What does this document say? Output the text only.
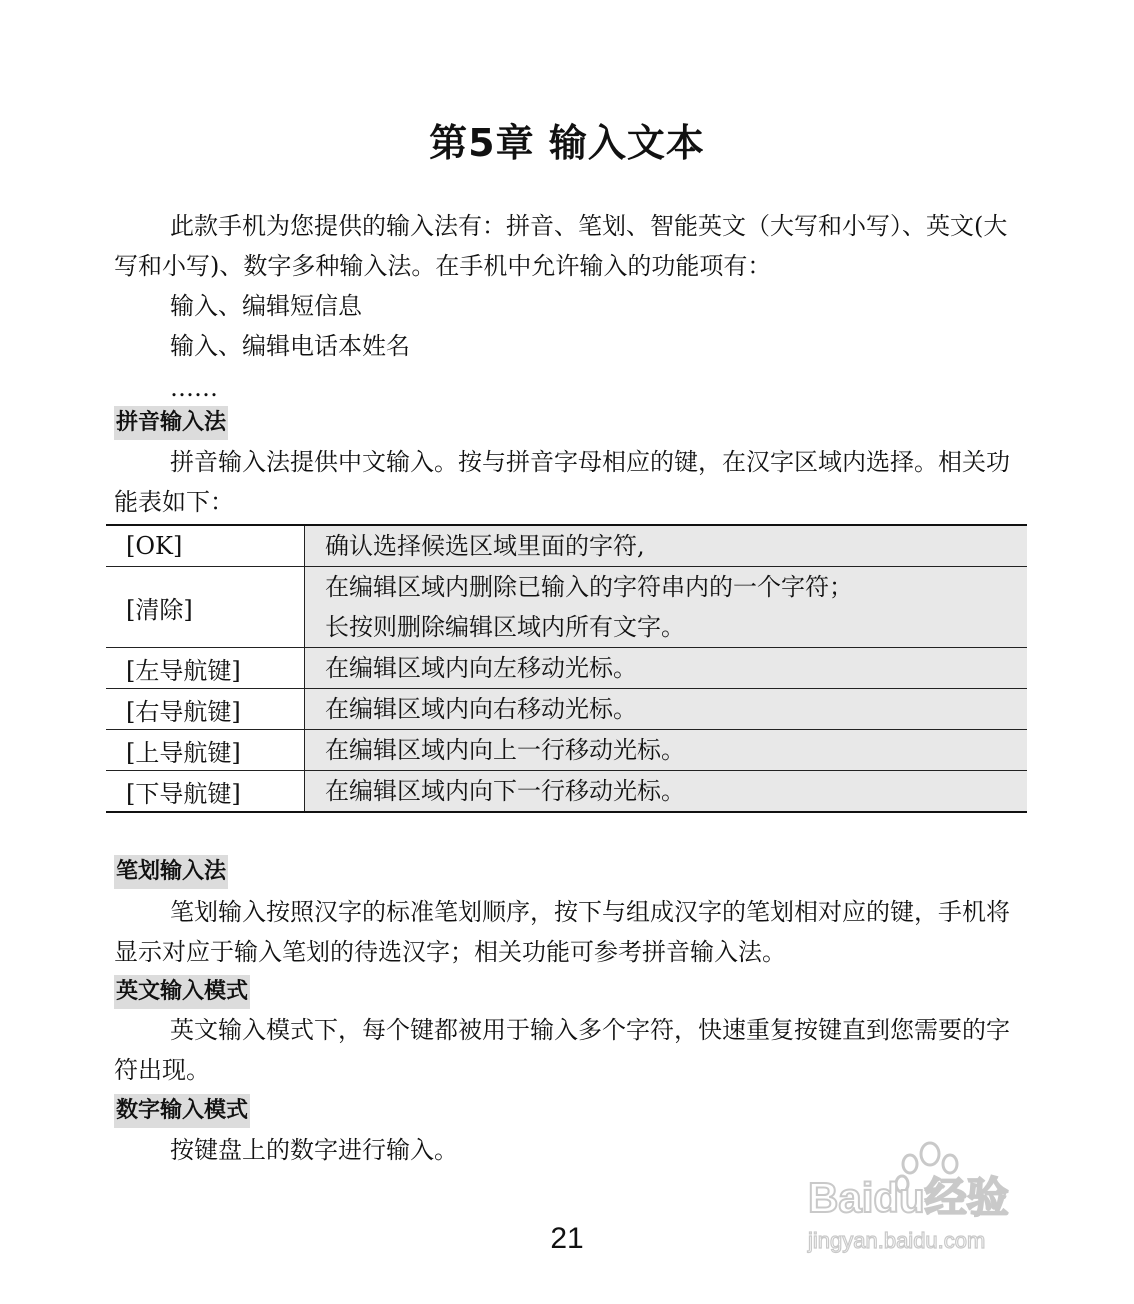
第5章 输入文本

此款手机为您提供的输入法有：拼音、笔划、智能英文（大写和小写）、英文(大写和小写)、数字多种输入法。在手机中允许输入的功能项有：

输入、编辑短信息
输入、编辑电话本姓名
……
拼音输入法

拼音输入法提供中文输入。按与拼音字母相应的键，在汉字区域内选择。相关功能表如下：

[OK]	确认选择候选区域里面的字符,
[清除]	在编辑区域内删除已输入的字符串内的一个字符；
长按则删除编辑区域内所有文字。

[左导航键]	在编辑区域内向左移动光标。
[右导航键]	在编辑区域内向右移动光标。
[上导航键]	在编辑区域内向上一行移动光标。
[下导航键]	在编辑区域内向下一行移动光标。
笔划输入法

笔划输入按照汉字的标准笔划顺序，按下与组成汉字的笔划相对应的键，手机将显示对应于输入笔划的待选汉字；相关功能可参考拼音输入法。

英文输入模式

英文输入模式下，每个键都被用于输入多个字符，快速重复按键直到您需要的字符出现。

数字输入模式

按键盘上的数字进行输入。

Baidu经验
jingyan.baidu.com
21
